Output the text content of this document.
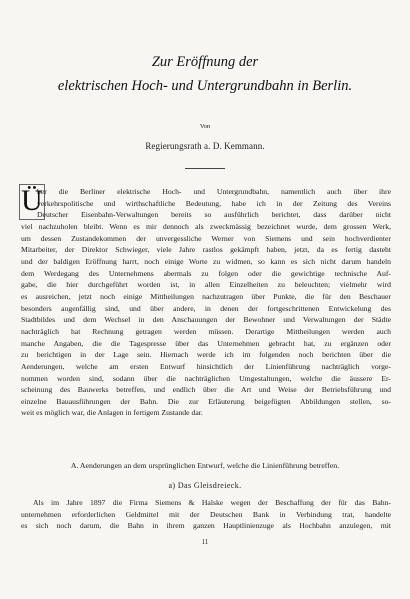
Zur Eröffnung der
elektrischen Hoch- und Untergrundbahn in Berlin.
Von
Regierungsrath a. D. Kemmann.
Ü
ber die Berliner elektrische Hoch- und Untergrundbahn, namentlich auch über ihre
verkehrspolitische und wirthschaftliche Bedeutung, habe ich in der Zeitung des Vereins
Deutscher Eisenbahn-Verwaltungen bereits so ausführlich berichtet, dass darüber nicht
viel nachzuholen bleibt. Wenn es mir dennoch als zweckmässig bezeichnet wurde, dem grossen Werk,
um dessen Zustandekommen der unvergessliche Werner von Siemens und sein hochverdienter
Mitarbeiter, der Direktor Schwieger, viele Jahre rastlos gekämpft haben, jetzt, da es fertig dasteht
und der baldigen Eröffnung harrt, noch einige Worte zu widmen, so kann es sich nicht darum handeln
dem Werdegang des Unternehmens abermals zu folgen oder die gewichtige technische Auf-
gabe, die hier durchgeführt worden ist, in allen Einzelheiten zu beleuchten; vielmehr wird
es ausreichen, jetzt noch einige Mittheilungen nachzutragen über Punkte, die für den Beschauer
besonders augenfällig sind, und über andere, in denen der fortgeschrittenen Entwickelung des
Stadtbildes und dem Wechsel in den Anschauungen der Bewohner und Verwaltungen der Städte
nachträglich hat Rechnung getragen werden müssen. Derartige Mittheilungen werden auch
manche Angaben, die die Tagespresse über das Unternehmen gebracht hat, zu ergänzen oder
zu berichtigen in der Lage sein. Hiernach werde ich im folgenden noch berichten über die
Aenderungen, welche am ersten Entwurf hinsichtlich der Linienführung nachträglich vorge-
nommen worden sind, sodann über die nachträglichen Umgestaltungen, welche die äussere Er-
scheinung des Bauwerks betreffen, und endlich über die Art und Weise der Betriebsführung und
einzelne Bauausführungen der Bahn. Die zur Erläuterung beigefügten Abbildungen stellen, so-
weit es möglich war, die Anlagen in fertigem Zustande dar.
A. Aenderungen an dem ursprünglichen Entwurf, welche die Linienführung betreffen.
a) Das Gleisdreieck.
Als im Jahre 1897 die Firma Siemens & Halske wegen der Beschaffung der für das Bahn-
unternehmen erforderlichen Geldmittel mit der Deutschen Bank in Verbindung trat, handelte
es sich noch darum, die Bahn in ihrem ganzen Hauptlinienzuge als Hochbahn anzulegen, mit
11
